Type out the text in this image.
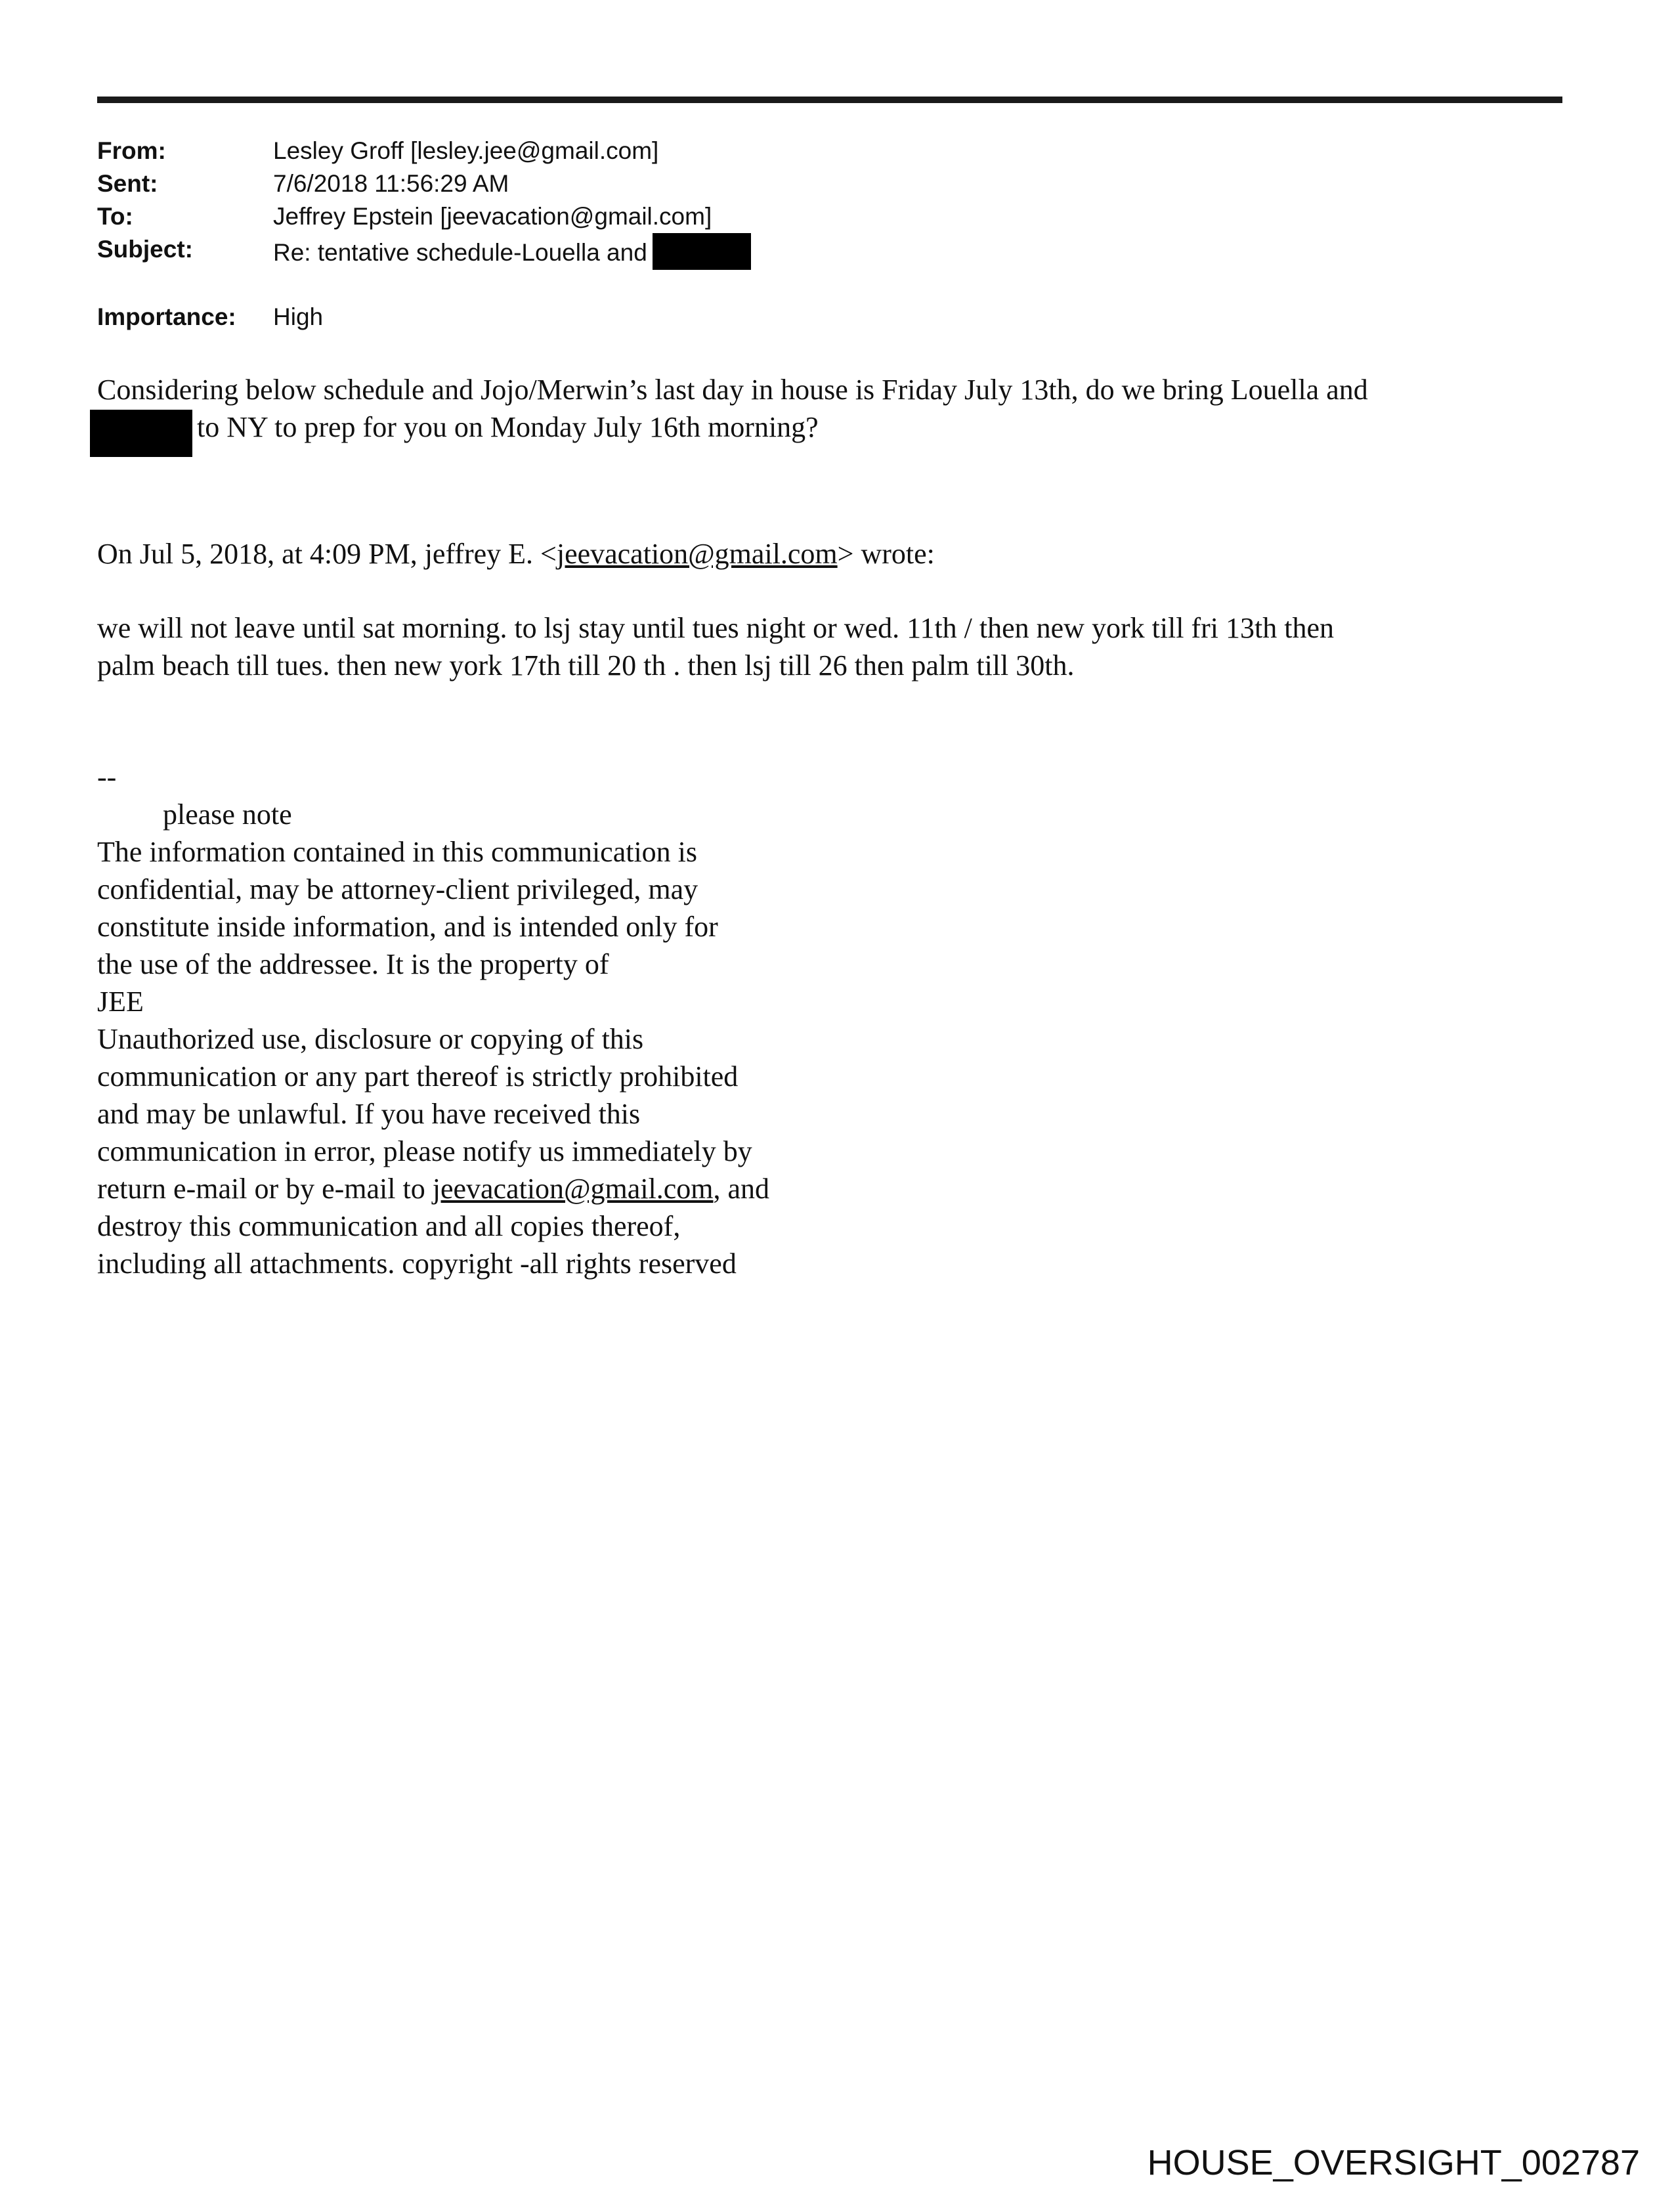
From:	Lesley Groff [lesley.jee@gmail.com]
Sent:	7/6/2018 11:56:29 AM
To:	Jeffrey Epstein [jeevacation@gmail.com]
Subject:	Re: tentative schedule-Louella and
Importance: High
Considering below schedule and Jojo/Merwin’s last day in house is Friday July 13th, do we bring Louella and
to NY to prep for you on Monday July 16th morning?
On Jul 5, 2018, at 4:09 PM, jeffrey E. <jeevacation@gmail.com> wrote:
we will not leave until sat morning. to lsj stay until tues night or wed. 11th / then new york till fri 13th then
palm beach till tues. then new york 17th till 20 th . then lsj till 26 then palm till 30th.
--
please note
The information contained in this communication is
confidential, may be attorney-client privileged, may
constitute inside information, and is intended only for
the use of the addressee. It is the property of
JEE
Unauthorized use, disclosure or copying of this
communication or any part thereof is strictly prohibited
and may be unlawful. If you have received this
communication in error, please notify us immediately by
return e-mail or by e-mail to jeevacation@gmail.com, and
destroy this communication and all copies thereof,
including all attachments. copyright -all rights reserved
HOUSE_OVERSIGHT_002787
